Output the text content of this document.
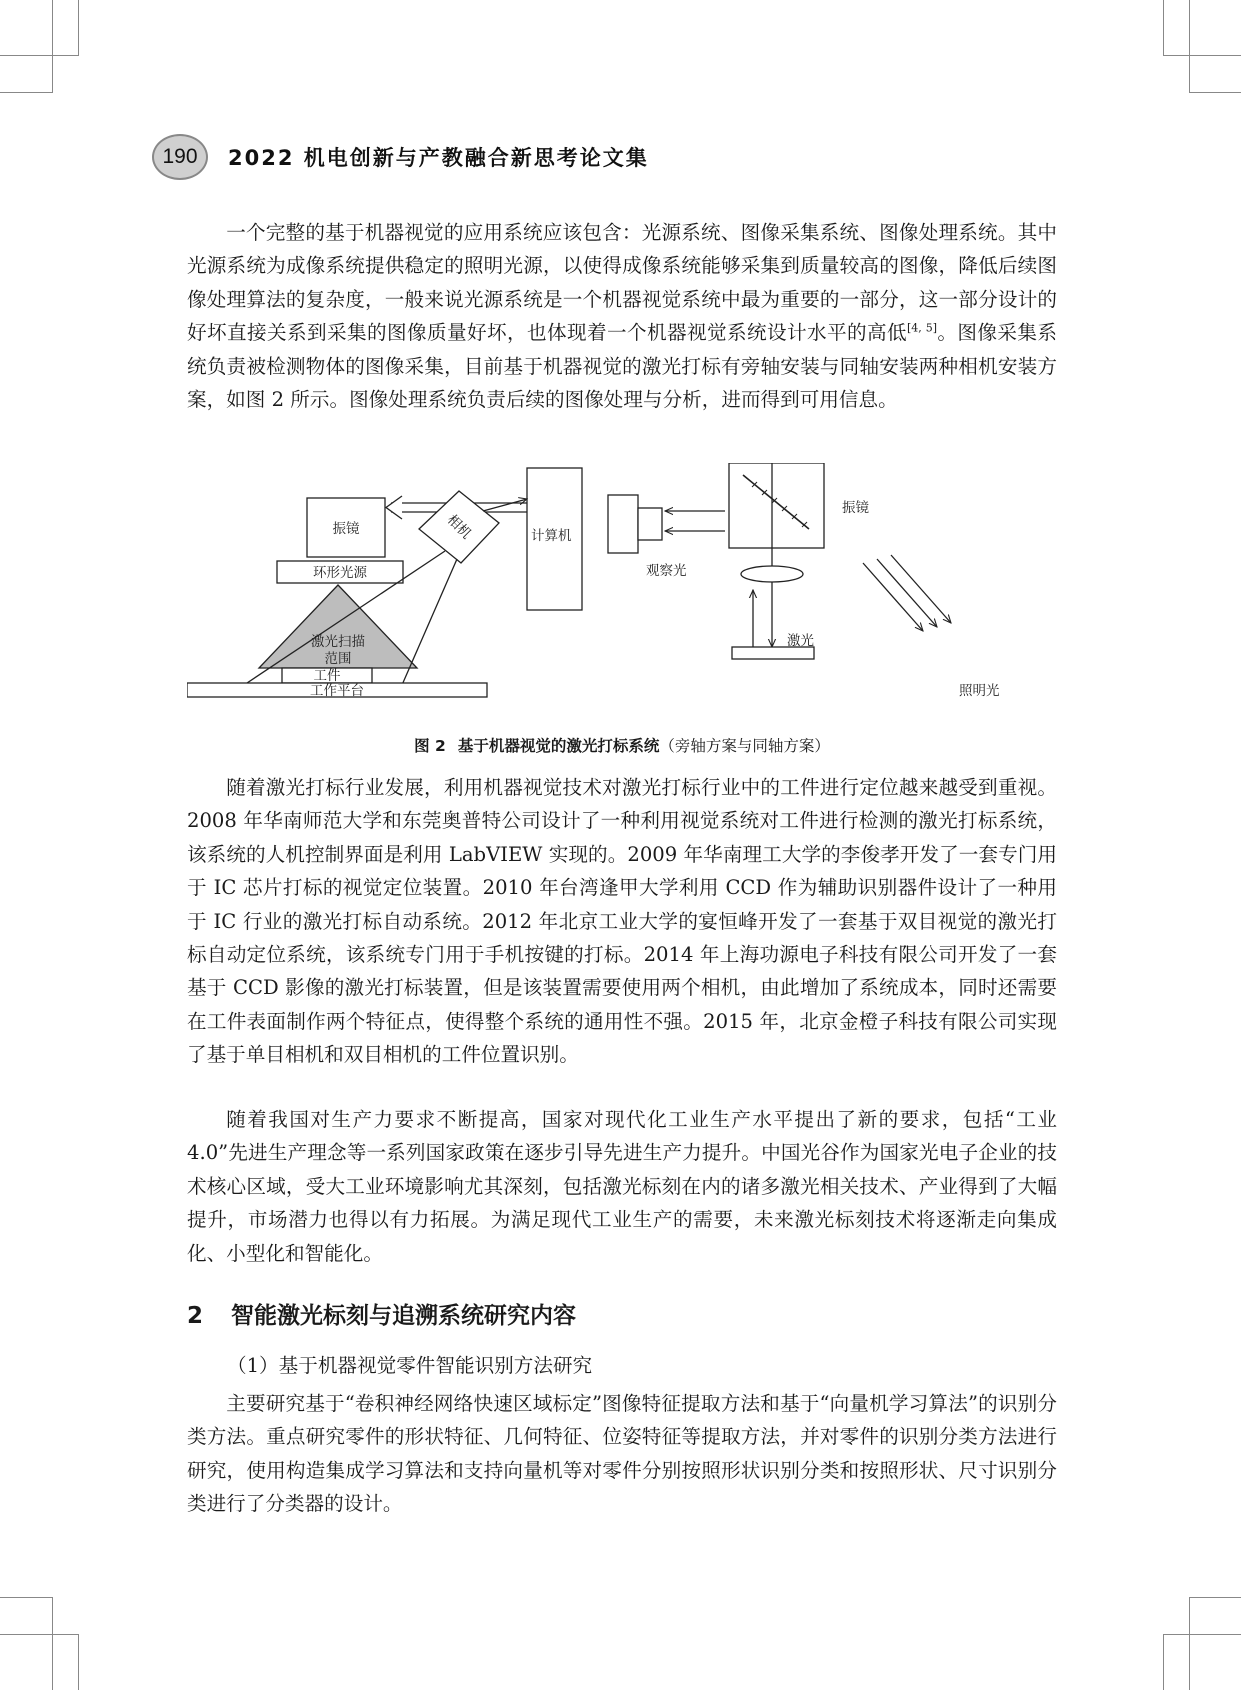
190	2022 机电创新与产教融合新思考论文集

一个完整的基于机器视觉的应用系统应该包含：光源系统、图像采集系统、图像处理系统。其中光源系统为成像系统提供稳定的照明光源，以使得成像系统能够采集到质量较高的图像，降低后续图像处理算法的复杂度，一般来说光源系统是一个机器视觉系统中最为重要的一部分，这一部分设计的好坏直接关系到采集的图像质量好坏，也体现着一个机器视觉系统设计水平的高低[4, 5]。图像采集系统负责被检测物体的图像采集，目前基于机器视觉的激光打标有旁轴安装与同轴安装两种相机安装方案，如图 2 所示。图像处理系统负责后续的图像处理与分析，进而得到可用信息。

振镜
环形光源
相机	计算机
激光扫描
范围
工件
工作平台
振镜
观察光
激光
照明光
图 2 基于机器视觉的激光打标系统（旁轴方案与同轴方案）

随着激光打标行业发展，利用机器视觉技术对激光打标行业中的工件进行定位越来越受到重视。2008 年华南师范大学和东莞奥普特公司设计了一种利用视觉系统对工件进行检测的激光打标系统，该系统的人机控制界面是利用 LabVIEW 实现的。2009 年华南理工大学的李俊孝开发了一套专门用于 IC 芯片打标的视觉定位装置。2010 年台湾逢甲大学利用 CCD 作为辅助识别器件设计了一种用于 IC 行业的激光打标自动系统。2012 年北京工业大学的宴恒峰开发了一套基于双目视觉的激光打标自动定位系统，该系统专门用于手机按键的打标。2014 年上海功源电子科技有限公司开发了一套基于 CCD 影像的激光打标装置，但是该装置需要使用两个相机，由此增加了系统成本，同时还需要在工件表面制作两个特征点，使得整个系统的通用性不强。2015 年，北京金橙子科技有限公司实现了基于单目相机和双目相机的工件位置识别。

随着我国对生产力要求不断提高，国家对现代化工业生产水平提出了新的要求，包括“工业 4.0”先进生产理念等一系列国家政策在逐步引导先进生产力提升。中国光谷作为国家光电子企业的技术核心区域，受大工业环境影响尤其深刻，包括激光标刻在内的诸多激光相关技术、产业得到了大幅提升，市场潜力也得以有力拓展。为满足现代工业生产的需要，未来激光标刻技术将逐渐走向集成化、小型化和智能化。

2 智能激光标刻与追溯系统研究内容

（1）基于机器视觉零件智能识别方法研究

主要研究基于“卷积神经网络快速区域标定”图像特征提取方法和基于“向量机学习算法”的识别分类方法。重点研究零件的形状特征、几何特征、位姿特征等提取方法，并对零件的识别分类方法进行研究，使用构造集成学习算法和支持向量机等对零件分别按照形状识别分类和按照形状、尺寸识别分类进行了分类器的设计。
